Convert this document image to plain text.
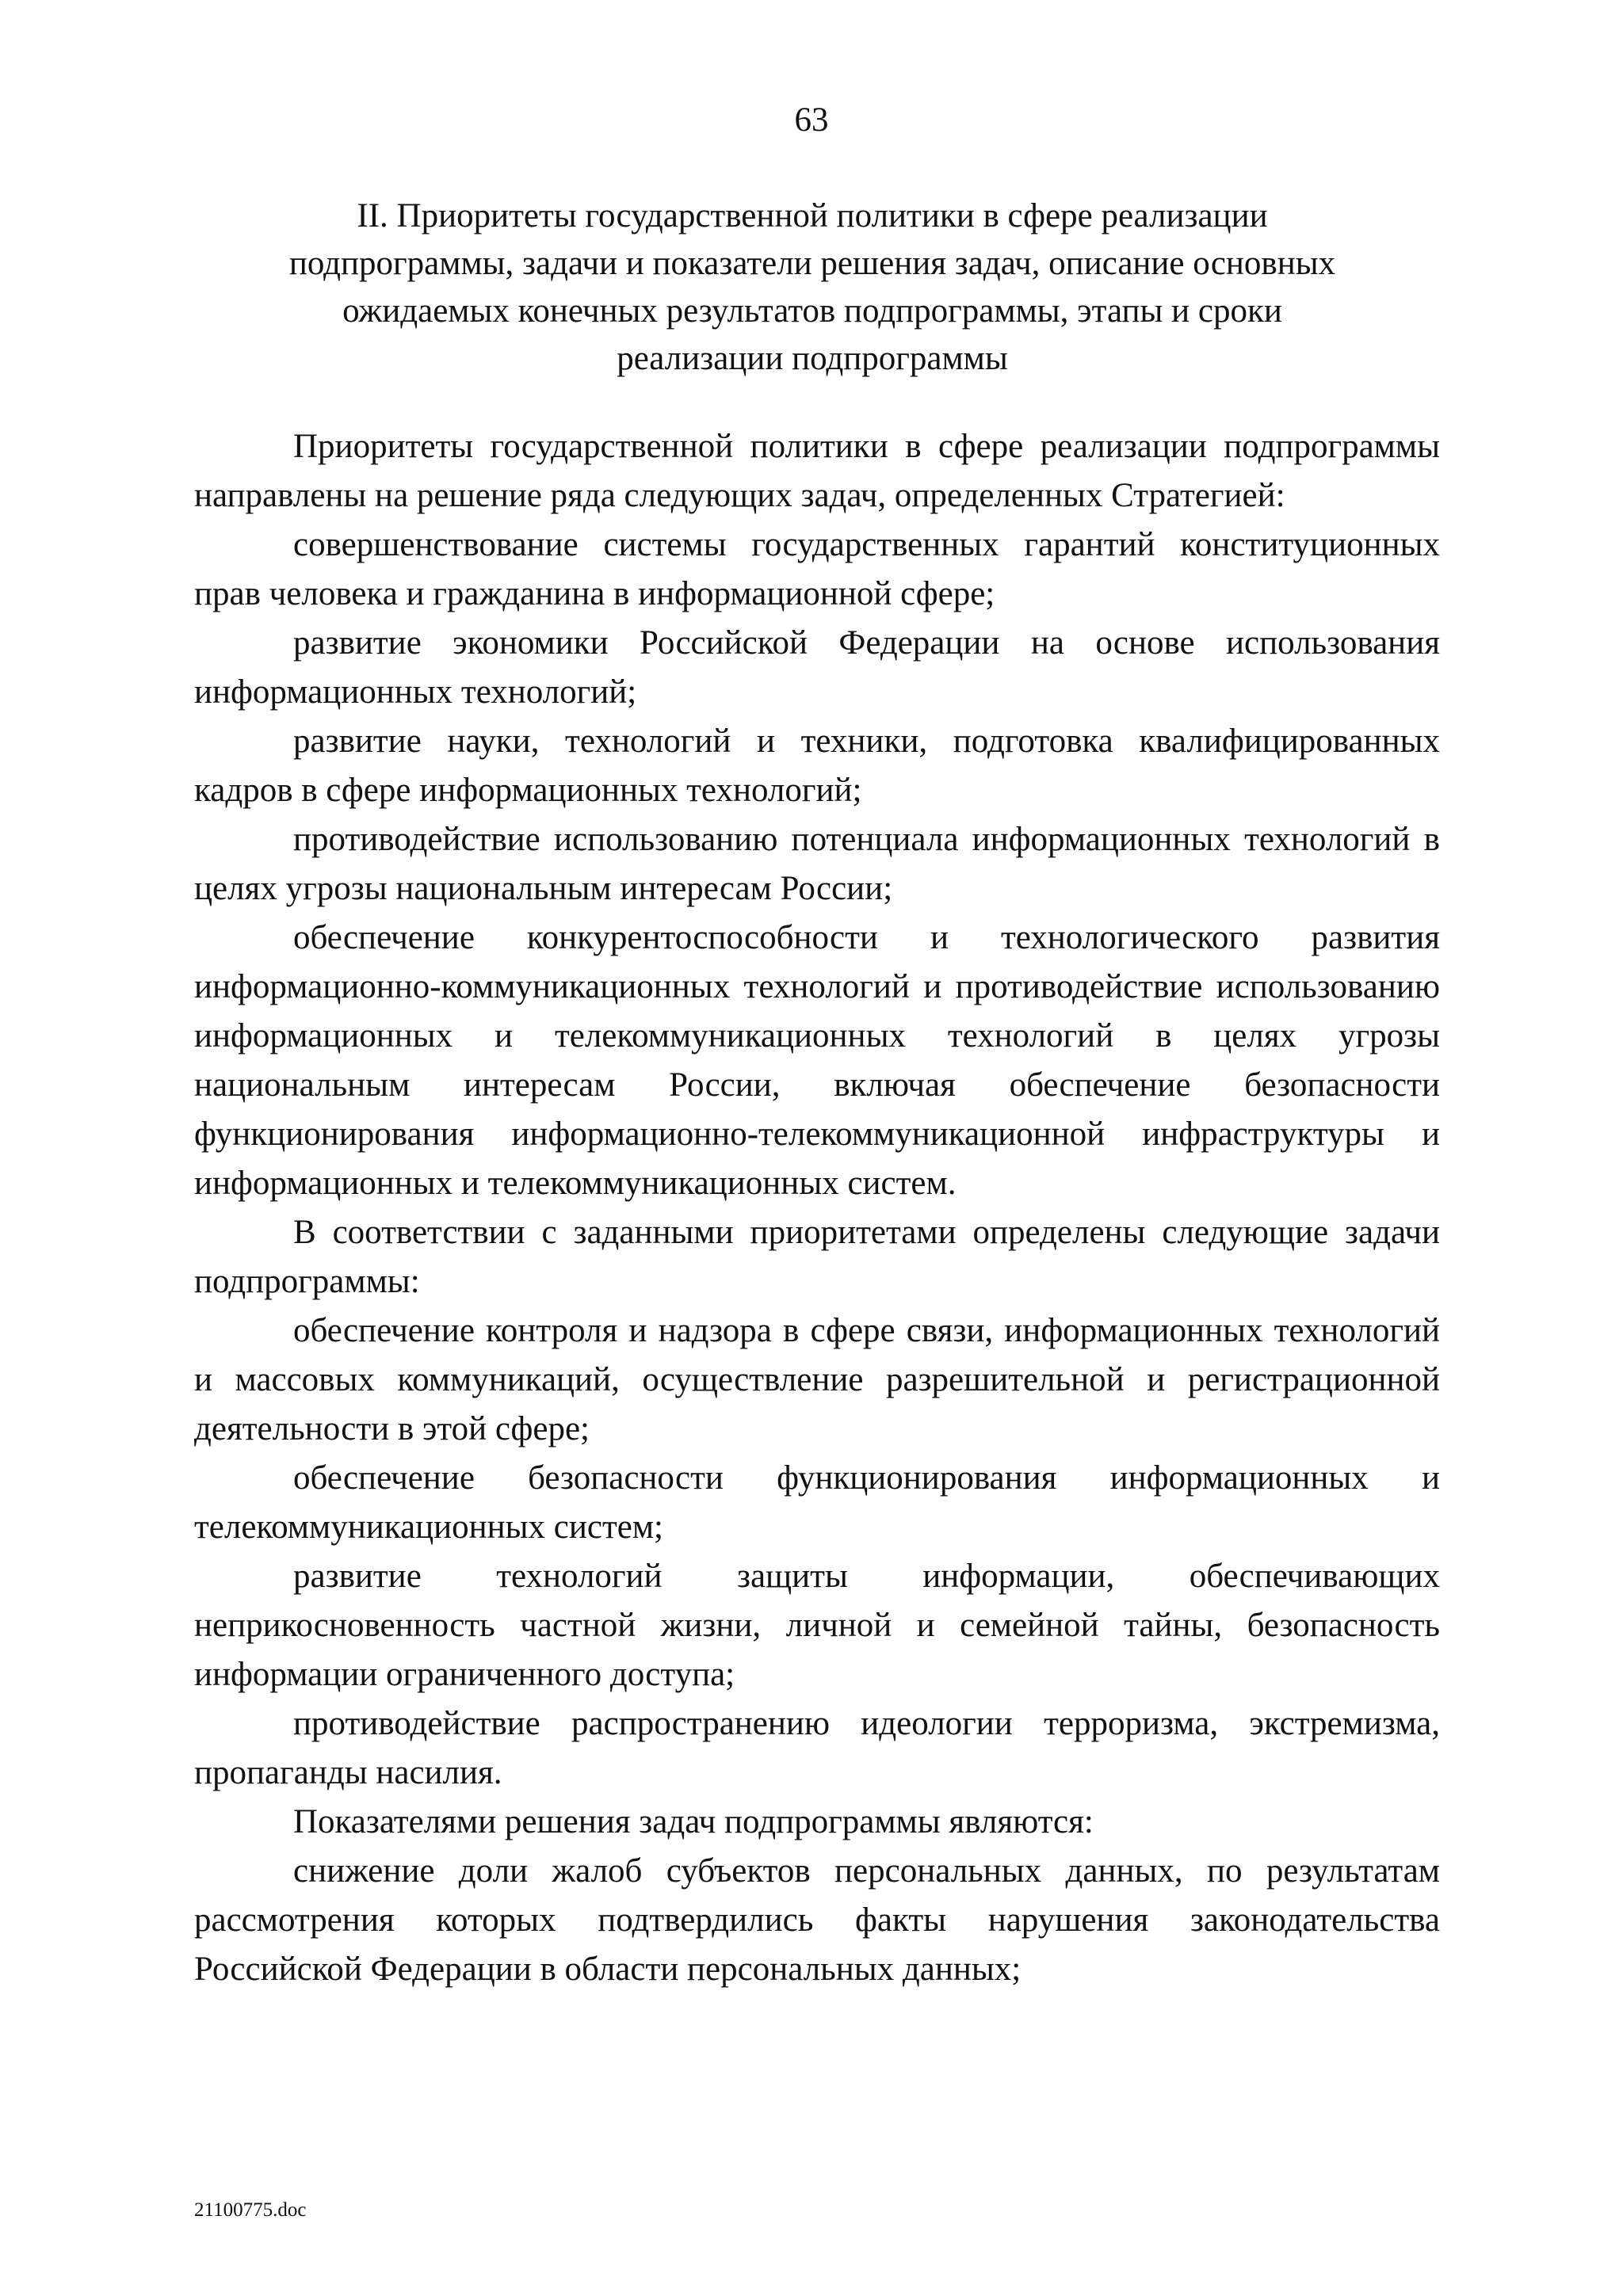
63
II. Приоритеты государственной политики в сфере реализации
подпрограммы, задачи и показатели решения задач, описание основных
ожидаемых конечных результатов подпрограммы, этапы и сроки
реализации подпрограммы

Приоритеты государственной политики в сфере реализации подпрограммы направлены на решение ряда следующих задач, определенных Стратегией:

совершенствование системы государственных гарантий конституционных прав человека и гражданина в информационной сфере;

развитие экономики Российской Федерации на основе использования информационных технологий;

развитие науки, технологий и техники, подготовка квалифицированных кадров в сфере информационных технологий;

противодействие использованию потенциала информационных технологий в целях угрозы национальным интересам России;

обеспечение конкурентоспособности и технологического развития информационно-коммуникационных технологий и противодействие использованию информационных и телекоммуникационных технологий в целях угрозы национальным интересам России, включая обеспечение безопасности функционирования информационно-телекоммуникационной инфраструктуры и информационных и телекоммуникационных систем.

В соответствии с заданными приоритетами определены следующие задачи подпрограммы:

обеспечение контроля и надзора в сфере связи, информационных технологий и массовых коммуникаций, осуществление разрешительной и регистрационной деятельности в этой сфере;

обеспечение безопасности функционирования информационных и телекоммуникационных систем;

развитие технологий защиты информации, обеспечивающих неприкосновенность частной жизни, личной и семейной тайны, безопасность информации ограниченного доступа;

противодействие распространению идеологии терроризма, экстремизма, пропаганды насилия.

Показателями решения задач подпрограммы являются:

снижение доли жалоб субъектов персональных данных, по результатам рассмотрения которых подтвердились факты нарушения законодательства Российской Федерации в области персональных данных;

21100775.doc
